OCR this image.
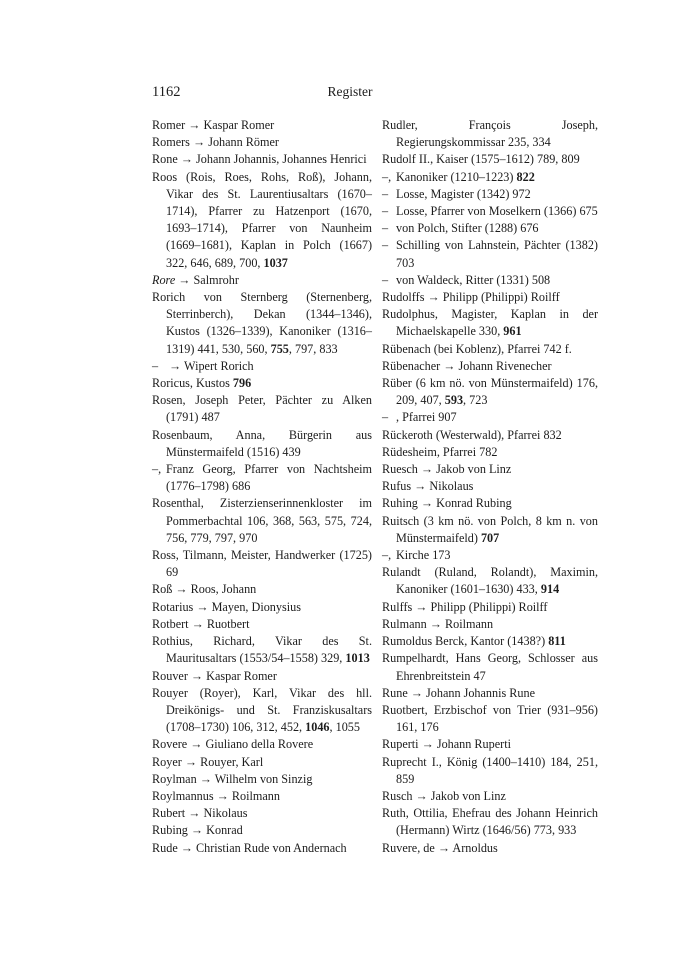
1162	Register

Romer → Kaspar Romer

Romers → Johann Römer

Rone → Johann Johannis, Johannes Henrici

Roos (Rois, Roes, Rohs, Roß), Johann, Vikar des St. Laurentiusaltars (1670–1714), Pfarrer zu Hatzenport (1670, 1693–1714), Pfarrer von Naunheim (1669–1681), Kaplan in Polch (1667) 322, 646, 689, 700, 1037

Rore → Salmrohr

Rorich von Sternberg (Sternenberg, Sterrinberch), Dekan (1344–1346), Kustos (1326–1339), Kanoniker (1316–1319) 441, 530, 560, 755, 797, 833

– → Wipert Rorich

Roricus, Kustos 796

Rosen, Joseph Peter, Pächter zu Alken (1791) 487

Rosenbaum, Anna, Bürgerin aus Münstermaifeld (1516) 439

–, Franz Georg, Pfarrer von Nachtsheim (1776–1798) 686

Rosenthal, Zisterzienserinnenkloster im Pommerbachtal 106, 368, 563, 575, 724, 756, 779, 797, 970

Ross, Tilmann, Meister, Handwerker (1725) 69

Roß → Roos, Johann

Rotarius → Mayen, Dionysius

Rotbert → Ruotbert

Rothius, Richard, Vikar des St. Mauritusaltars (1553/54–1558) 329, 1013

Rouver → Kaspar Romer

Rouyer (Royer), Karl, Vikar des hll. Dreikönigs- und St. Franziskusaltars (1708–1730) 106, 312, 452, 1046, 1055

Rovere → Giuliano della Rovere

Royer → Rouyer, Karl

Roylman → Wilhelm von Sinzig

Roylmannus → Roilmann

Rubert → Nikolaus

Rubing → Konrad

Rude → Christian Rude von Andernach

Rudler, François Joseph, Regierungskommissar 235, 334

Rudolf II., Kaiser (1575–1612) 789, 809

–, Kanoniker (1210–1223) 822

– Losse, Magister (1342) 972

– Losse, Pfarrer von Moselkern (1366) 675

– von Polch, Stifter (1288) 676

– Schilling von Lahnstein, Pächter (1382) 703

– von Waldeck, Ritter (1331) 508

Rudolffs → Philipp (Philippi) Roilff

Rudolphus, Magister, Kaplan in der Michaelskapelle 330, 961

Rübenach (bei Koblenz), Pfarrei 742 f.

Rübenacher → Johann Rivenecher

Rüber (6 km nö. von Münstermaifeld) 176, 209, 407, 593, 723

– , Pfarrei 907

Rückeroth (Westerwald), Pfarrei 832

Rüdesheim, Pfarrei 782

Ruesch → Jakob von Linz

Rufus → Nikolaus

Ruhing → Konrad Rubing

Ruitsch (3 km nö. von Polch, 8 km n. von Münstermaifeld) 707

–, Kirche 173

Rulandt (Ruland, Rolandt), Maximin, Kanoniker (1601–1630) 433, 914

Rulffs → Philipp (Philippi) Roilff

Rulmann → Roilmann

Rumoldus Berck, Kantor (1438?) 811

Rumpelhardt, Hans Georg, Schlosser aus Ehrenbreitstein 47

Rune → Johann Johannis Rune

Ruotbert, Erzbischof von Trier (931–956) 161, 176

Ruperti → Johann Ruperti

Ruprecht I., König (1400–1410) 184, 251, 859

Rusch → Jakob von Linz

Ruth, Ottilia, Ehefrau des Johann Heinrich (Hermann) Wirtz (1646/56) 773, 933

Ruvere, de → Arnoldus
